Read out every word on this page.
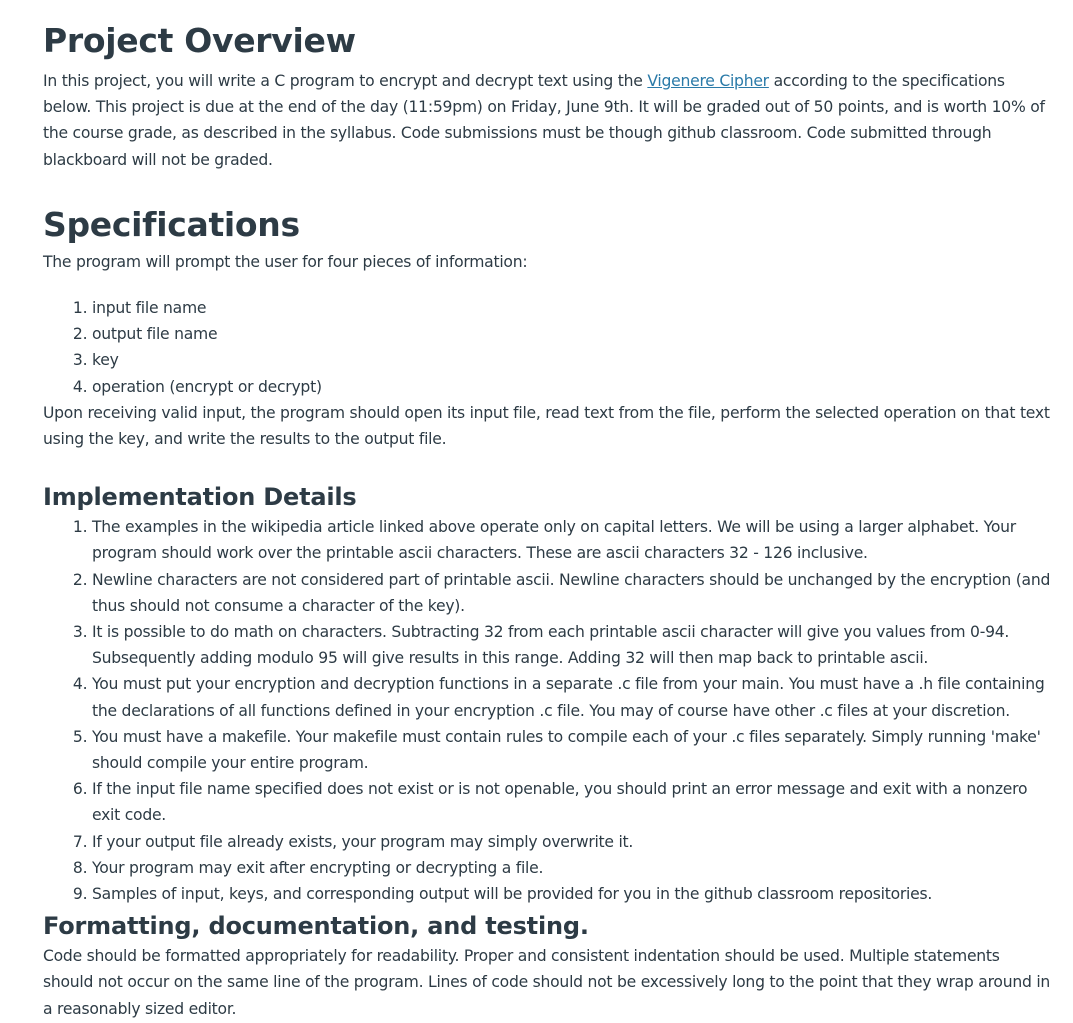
Project Overview

In this project, you will write a C program to encrypt and decrypt text using the Vigenere Cipher according to the specifications below. This project is due at the end of the day (11:59pm) on Friday, June 9th. It will be graded out of 50 points, and is worth 10% of the course grade, as described in the syllabus. Code submissions must be though github classroom. Code submitted through blackboard will not be graded.

Specifications

The program will prompt the user for four pieces of information:

1. input file name
2. output file name
3. key
4. operation (encrypt or decrypt)

Upon receiving valid input, the program should open its input file, read text from the file, perform the selected operation on that text using the key, and write the results to the output file.

Implementation Details
1. The examples in the wikipedia article linked above operate only on capital letters. We will be using a larger alphabet. Your program should work over the printable ascii characters. These are ascii characters 32 - 126 inclusive.
2. Newline characters are not considered part of printable ascii. Newline characters should be unchanged by the encryption (and thus should not consume a character of the key).
3. It is possible to do math on characters. Subtracting 32 from each printable ascii character will give you values from 0-94. Subsequently adding modulo 95 will give results in this range. Adding 32 will then map back to printable ascii.
4. You must put your encryption and decryption functions in a separate .c file from your main. You must have a .h file containing the declarations of all functions defined in your encryption .c file. You may of course have other .c files at your discretion.
5. You must have a makefile. Your makefile must contain rules to compile each of your .c files separately. Simply running 'make' should compile your entire program.
6. If the input file name specified does not exist or is not openable, you should print an error message and exit with a nonzero exit code.
7. If your output file already exists, your program may simply overwrite it.
8. Your program may exit after encrypting or decrypting a file.
9. Samples of input, keys, and corresponding output will be provided for you in the github classroom repositories.
Formatting, documentation, and testing.

Code should be formatted appropriately for readability. Proper and consistent indentation should be used. Multiple statements should not occur on the same line of the program. Lines of code should not be excessively long to the point that they wrap around in a reasonably sized editor.
